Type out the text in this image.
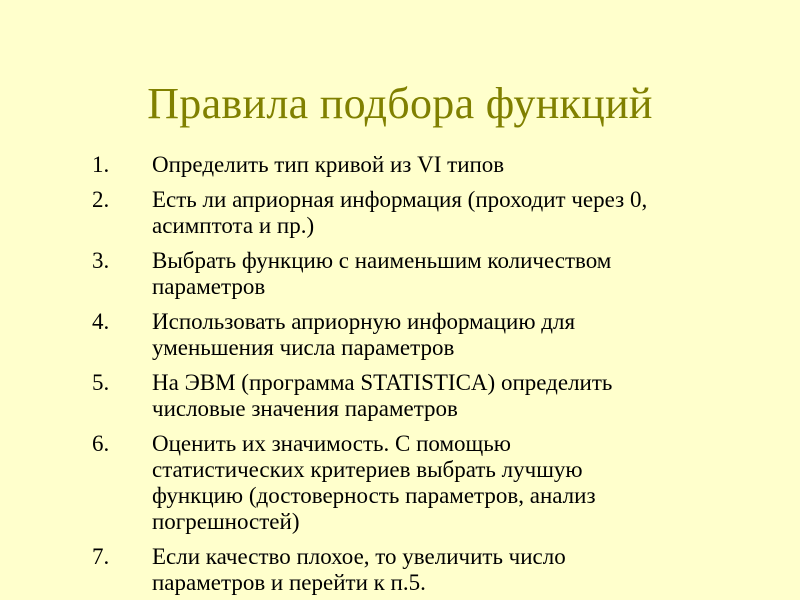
Правила подбора функций
1.	Определить тип кривой из VI типов
2.	Есть ли априорная информация (проходит через 0,
асимптота и пр.)
3.	Выбрать функцию с наименьшим количеством
параметров
4.	Использовать априорную информацию для
уменьшения числа параметров
5.	На ЭВМ (программа STATISTICA) определить
числовые значения параметров
6.	Оценить их значимость. С помощью
статистических критериев выбрать лучшую
функцию (достоверность параметров, анализ
погрешностей)
7.	Если качество плохое, то увеличить число
параметров и перейти к п.5.
